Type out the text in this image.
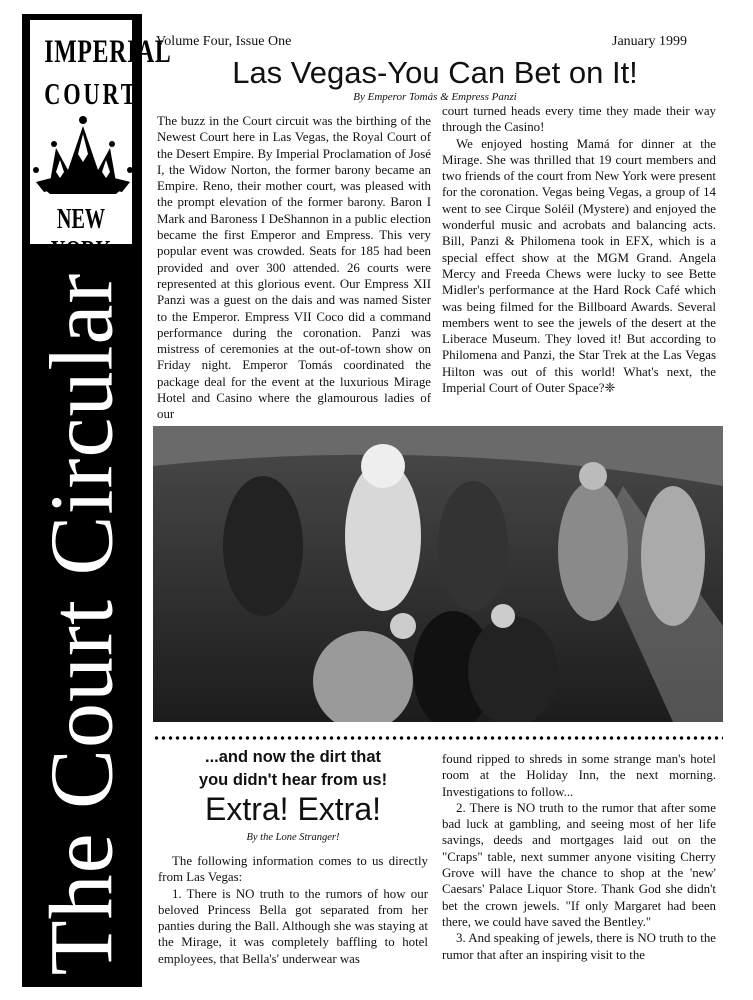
IMPERIAL
COURT
NEW YORK
The Court Circular
Volume Four, Issue One	January 1999
Las Vegas-You Can Bet on It!
By Emperor Tomás & Empress Panzi

The buzz in the Court circuit was the birthing of the Newest Court here in Las Vegas, the Royal Court of the Desert Empire. By Imperial Proclamation of José I, the Widow Norton, the former barony became an Empire. Reno, their mother court, was pleased with the prompt elevation of the former barony. Baron I Mark and Baroness I DeShannon in a public election became the first Emperor and Empress. This very popular event was crowded. Seats for 185 had been provided and over 300 attended. 26 courts were represented at this glorious event. Our Empress XII Panzi was a guest on the dais and was named Sister to the Emperor. Empress VII Coco did a command performance during the coronation. Panzi was mistress of ceremonies at the out-of-town show on Friday night. Emperor Tomás coordinated the package deal for the event at the luxurious Mirage Hotel and Casino where the glamourous ladies of our

court turned heads every time they made their way through the Casino!

We enjoyed hosting Mamá for dinner at the Mirage. She was thrilled that 19 court members and two friends of the court from New York were present for the coronation. Vegas being Vegas, a group of 14 went to see Cirque Soléil (Mystere) and enjoyed the wonderful music and acrobats and balancing acts. Bill, Panzi & Philomena took in EFX, which is a special effect show at the MGM Grand. Angela Mercy and Freeda Chews were lucky to see Bette Midler's performance at the Hard Rock Café which was being filmed for the Billboard Awards. Several members went to see the jewels of the desert at the Liberace Museum. They loved it! But according to Philomena and Panzi, the Star Trek at the Las Vegas Hilton was out of this world! What's next, the Imperial Court of Outer Space?❈

...and now the dirt that
you didn't hear from us!
Extra! Extra!
By the Lone Stranger!

The following information comes to us directly from Las Vegas:

1. There is NO truth to the rumors of how our beloved Princess Bella got separated from her panties during the Ball. Although she was staying at the Mirage, it was completely baffling to hotel employees, that Bella's' underwear was

found ripped to shreds in some strange man's hotel room at the Holiday Inn, the next morning. Investigations to follow...

2. There is NO truth to the rumor that after some bad luck at gambling, and seeing most of her life savings, deeds and mortgages laid out on the "Craps" table, next summer anyone visiting Cherry Grove will have the chance to shop at the 'new' Caesars' Palace Liquor Store. Thank God she didn't bet the crown jewels. "If only Margaret had been there, we could have saved the Bentley."

3. And speaking of jewels, there is NO truth to the rumor that after an inspiring visit to the
